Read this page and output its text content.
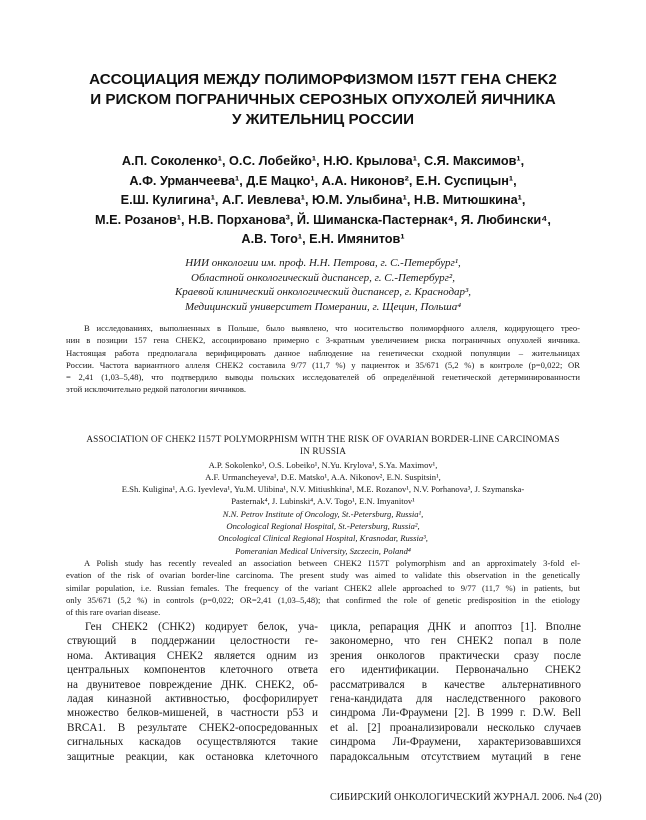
АССОЦИАЦИЯ МЕЖДУ ПОЛИМОРФИЗМОМ I157T ГЕНА CHEK2
И РИСКОМ ПОГРАНИЧНЫХ СЕРОЗНЫХ ОПУХОЛЕЙ ЯИЧНИКА
У ЖИТЕЛЬНИЦ РОССИИ
А.П. Соколенко¹, О.С. Лобейко¹, Н.Ю. Крылова¹, С.Я. Максимов¹,
А.Ф. Урманчеева¹, Д.Е Мацко¹, А.А. Никонов², Е.Н. Суспицын¹,
Е.Ш. Кулигина¹, А.Г. Иевлева¹, Ю.М. Улыбина¹, Н.В. Митюшкина¹,
М.Е. Розанов¹, Н.В. Порханова³, Й. Шиманска-Пастернак⁴, Я. Любински⁴,
А.В. Того¹, Е.Н. Имянитов¹
НИИ онкологии им. проф. Н.Н. Петрова, г. С.-Петербург¹,
Областной онкологический диспансер, г. С.-Петербург²,
Краевой клинический онкологический диспансер, г. Краснодар³,
Медицинский университет Померании, г. Щецин, Польша⁴
В исследованиях, выполненных в Польше, было выявлено, что носительство полиморфного аллеля, кодирующего трео-
нин в позиции 157 гена CHEK2, ассоциировано примерно с 3-кратным увеличением риска пограничных опухолей яичника.
Настоящая работа предполагала верифицировать данное наблюдение на генетически сходной популяции – жительницах
России. Частота вариантного аллеля CHEK2 составила 9/77 (11,7 %) у пациенток и 35/671 (5,2 %) в контроле (p=0,022; OR
= 2,41 (1,03–5,48), что подтвердило выводы польских исследователей об определённой генетической детерминированности
этой исключительно редкой патологии яичников.
ASSOCIATION OF CHEK2 I157T POLYMORPHISM WITH THE RISK OF OVARIAN BORDER-LINE CARCINOMAS
IN RUSSIA
A.P. Sokolenko¹, O.S. Lobeiko¹, N.Yu. Krylova¹, S.Ya. Maximov¹,
A.F. Urmancheyeva¹, D.E. Matsko¹, A.A. Nikonov², E.N. Suspitsin¹,
E.Sh. Kuligina¹, A.G. Iyevleva¹, Yu.M. Ulibina¹, N.V. Mitiushkina¹, M.E. Rozanov¹, N.V. Porhanova³, J. Szymanska-
Pasternak⁴, J. Lubinski⁴, A.V. Togo¹, E.N. Imyanitov¹
N.N. Petrov Institute of Oncology, St.-Petersburg, Russia¹,
Oncological Regional Hospital, St.-Petersburg, Russia²,
Oncological Clinical Regional Hospital, Krasnodar, Russia³,
Pomeranian Medical University, Szczecin, Poland⁴
A Polish study has recently revealed an association between CHEK2 I157T polymorphism and an approximately 3-fold el-
evation of the risk of ovarian border-line carcinoma. The present study was aimed to validate this observation in the genetically
similar population, i.e. Russian females. The frequency of the variant CHEK2 allele approached to 9/77 (11,7 %) in patients, but
only 35/671 (5,2 %) in controls (p=0,022; OR=2,41 (1,03–5,48); that confirmed the role of genetic predisposition in the etiology
of this rare ovarian disease.
Ген CHEK2 (CHK2) кодирует белок, уча-
ствующий в поддержании целостности ге-
нома. Активация CHEK2 является одним из
центральных компонентов клеточного ответа
на двунитевое повреждение ДНК. CHEK2, об-
ладая киназной активностью, фосфорилирует
множество белков-мишеней, в частности p53 и
BRCA1. В результате CHEK2-опосредованных
сигнальных каскадов осуществляются такие
защитные реакции, как остановка клеточного
цикла, репарация ДНК и апоптоз [1]. Вполне
закономерно, что ген CHEK2 попал в поле
зрения онкологов практически сразу после
его идентификации. Первоначально CHEK2
рассматривался в качестве альтернативного
гена-кандидата для наследственного ракового
синдрома Ли-Фраумени [2]. В 1999 г. D.W. Bell
et al. [2] проанализировали несколько случаев
синдрома Ли-Фраумени, характеризовавшихся
парадоксальным отсутствием мутаций в гене
СИБИРСКИЙ ОНКОЛОГИЧЕСКИЙ ЖУРНАЛ. 2006. №4 (20)
